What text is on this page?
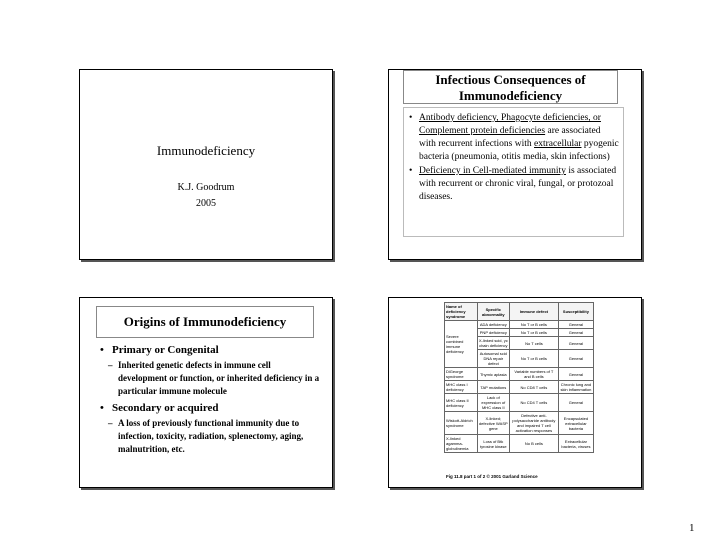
Immunodeficiency
K.J. Goodrum
2005
Infectious Consequences of Immunodeficiency
• Antibody deficiency, Phagocyte deficiencies, or Complement protein deficiencies are associated with recurrent infections with extracellular pyogenic bacteria (pneumonia, otitis media, skin infections)
• Deficiency in Cell-mediated immunity is associated with recurrent or chronic viral, fungal, or protozoal diseases.
Origins of Immunodeficiency
• Primary or Congenital
– Inherited genetic defects in immune cell development or function, or inherited deficiency in a particular immune molecule
• Secondary or acquired
– A loss of previously functional immunity due to infection, toxicity, radiation, splenectomy, aging, malnutrition, etc.
Name of deficiency syndrome	Specific abnormality	Immune defect	Susceptibility
Severe combined immune deficiency	ADA deficiency	No T or B cells	General
	PNP deficiency	No T or B cells	General
	X-linked scid, γc chain deficiency	No T cells	General
	Autosomal scid DNA repair defect	No T or B cells	General
DiGeorge syndrome	Thymic aplasia	Variable numbers of T and B cells	General
MHC class I deficiency	TAP mutations	No CD8 T cells	Chronic lung and skin inflammation
MHC class II deficiency	Lack of expression of MHC class II	No CD4 T cells	General
Wiskott-Aldrich syndrome	X-linked; defective WASP gene	Defective anti-polysaccharide antibody and impaired T cell activation responses	Encapsulated extracellular bacteria
X-linked agamma-globulinemia	Loss of Btk tyrosine kinase	No B cells	Extracellular bacteria, viruses
Fig 11.8 part 1 of 2 © 2001 Garland Science
1
